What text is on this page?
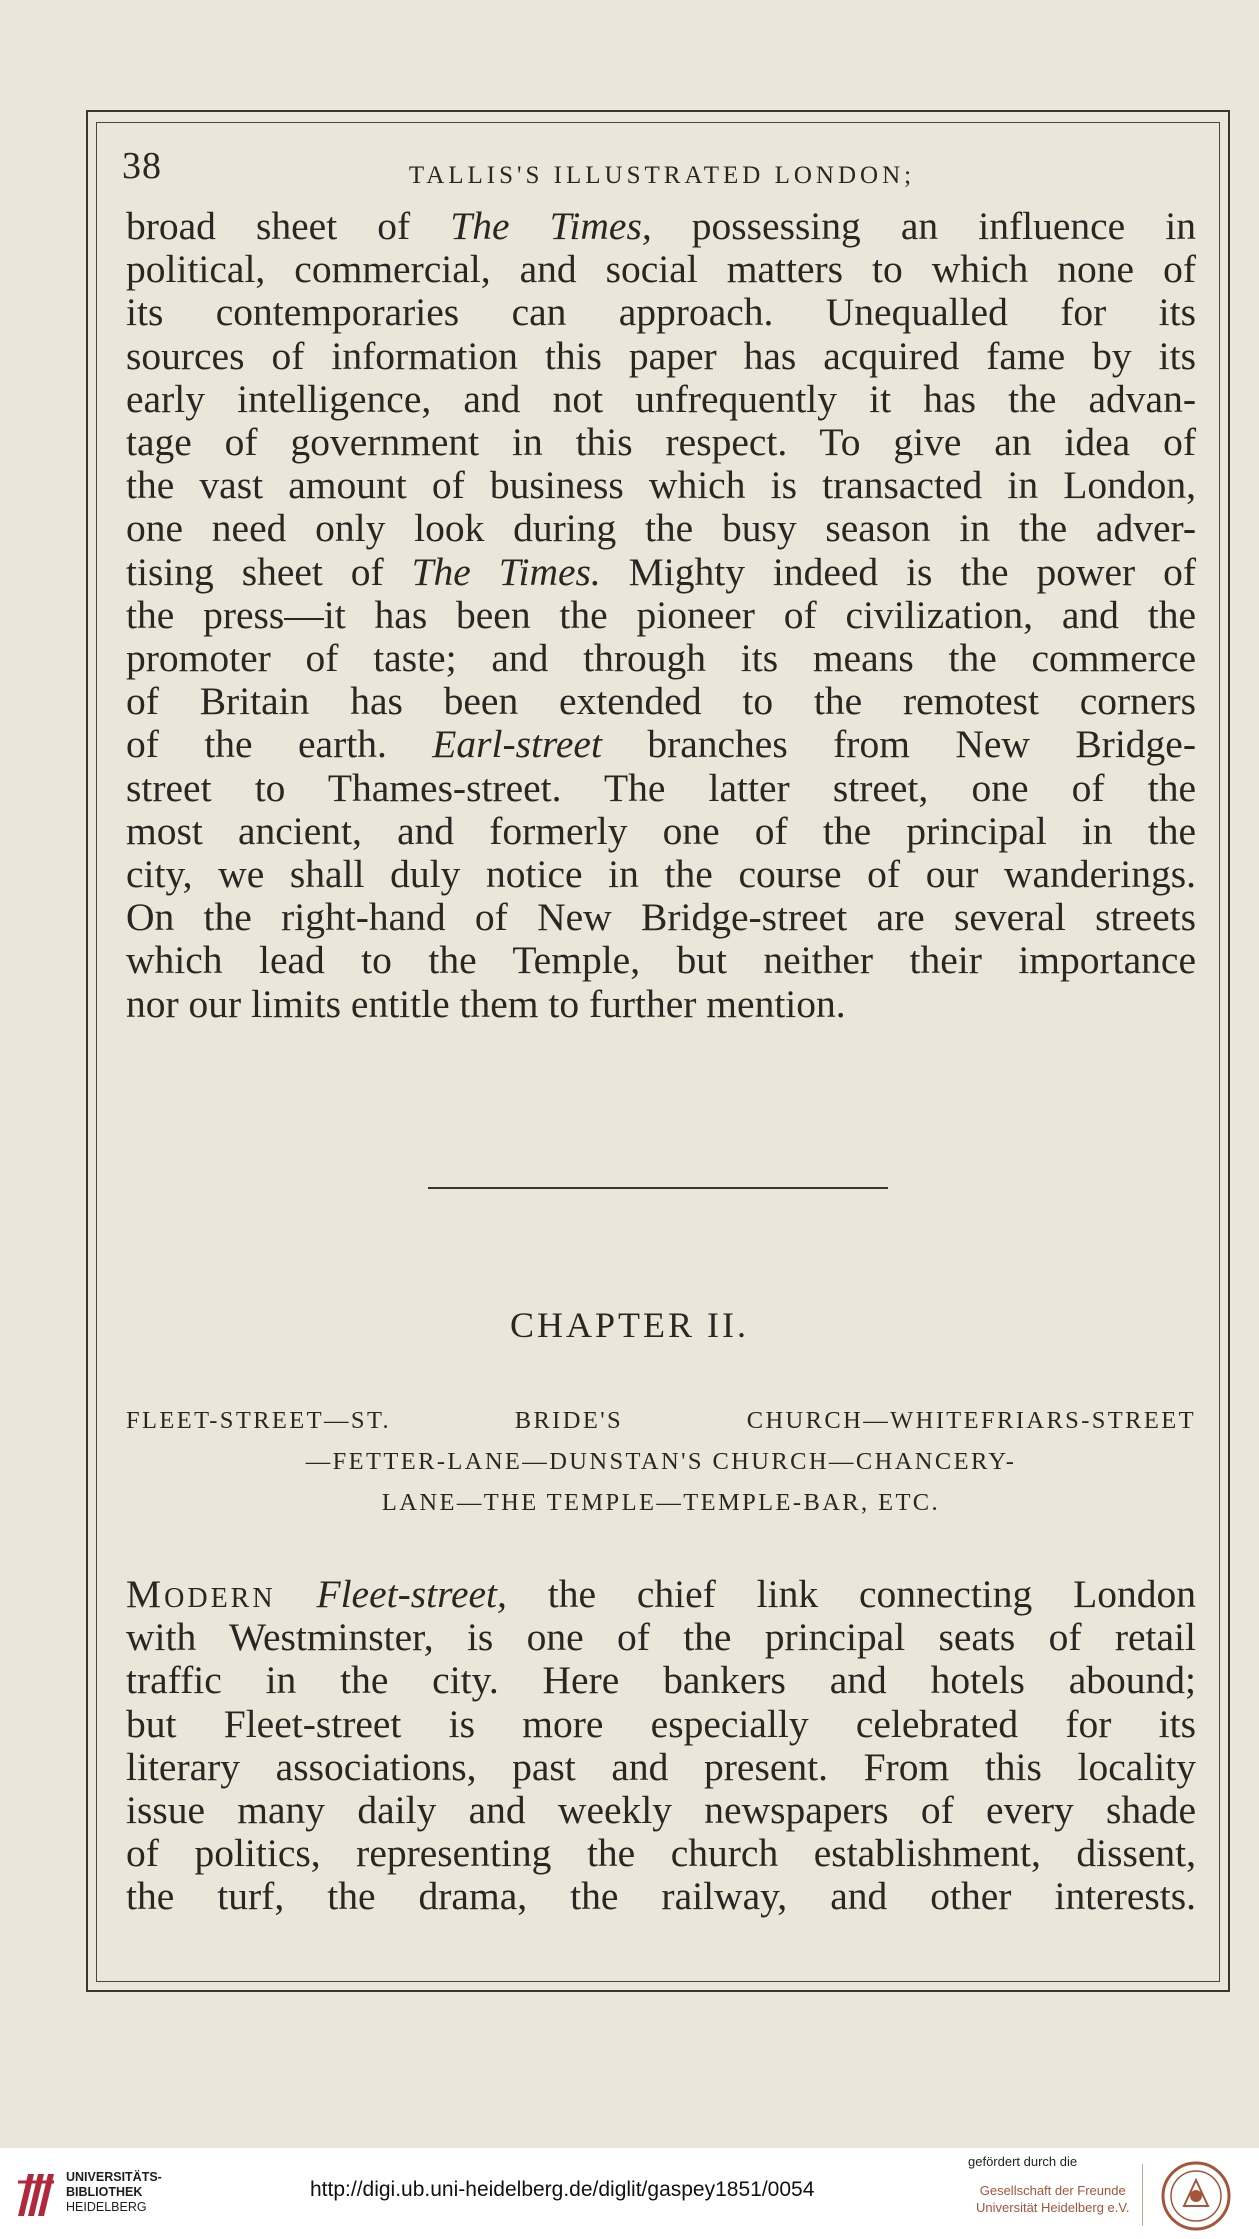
38	TALLIS'S ILLUSTRATED LONDON;
broad sheet of The Times, possessing an influence in
political, commercial, and social matters to which none of
its contemporaries can approach. Unequalled for its
sources of information this paper has acquired fame by its
early intelligence, and not unfrequently it has the advan-
tage of government in this respect. To give an idea of
the vast amount of business which is transacted in London,
one need only look during the busy season in the adver-
tising sheet of The Times. Mighty indeed is the power of
the press—it has been the pioneer of civilization, and the
promoter of taste; and through its means the commerce
of Britain has been extended to the remotest corners
of the earth. Earl-street branches from New Bridge-
street to Thames-street. The latter street, one of the
most ancient, and formerly one of the principal in the
city, we shall duly notice in the course of our wanderings.
On the right-hand of New Bridge-street are several streets
which lead to the Temple, but neither their importance
nor our limits entitle them to further mention.
CHAPTER II.
FLEET-STREET—ST. BRIDE'S CHURCH—WHITEFRIARS-STREET
—FETTER-LANE—DUNSTAN'S CHURCH—CHANCERY-
LANE—THE TEMPLE—TEMPLE-BAR, ETC.
Modern Fleet-street, the chief link connecting London
with Westminster, is one of the principal seats of retail
traffic in the city. Here bankers and hotels abound;
but Fleet-street is more especially celebrated for its
literary associations, past and present. From this locality
issue many daily and weekly newspapers of every shade
of politics, representing the church establishment, dissent,
the turf, the drama, the railway, and other interests.
UNIVERSITÄTS-
BIBLIOTHEK
HEIDELBERG
http://digi.ub.uni-heidelberg.de/diglit/gaspey1851/0054
gefördert durch die
Gesellschaft der Freunde
Universität Heidelberg e.V.
